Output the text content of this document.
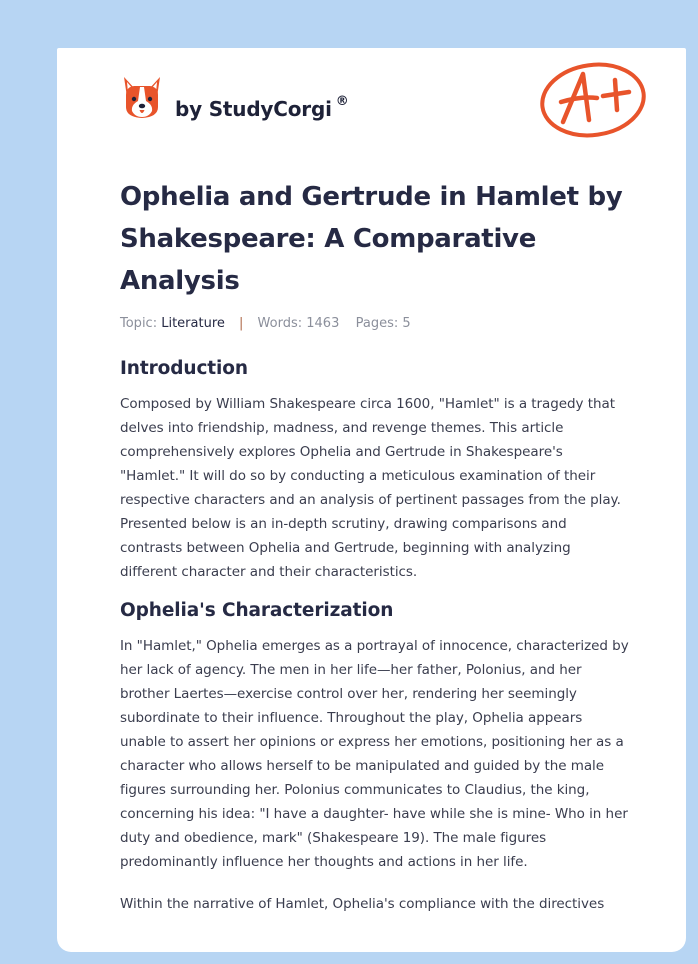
by StudyCorgi ®
Ophelia and Gertrude in Hamlet by Shakespeare: A Comparative Analysis
Topic: Literature | Words: 1463 Pages: 5
Introduction

Composed by William Shakespeare circa 1600, "Hamlet" is a tragedy that delves into friendship, madness, and revenge themes. This article comprehensively explores Ophelia and Gertrude in Shakespeare's "Hamlet." It will do so by conducting a meticulous examination of their respective characters and an analysis of pertinent passages from the play. Presented below is an in-depth scrutiny, drawing comparisons and contrasts between Ophelia and Gertrude, beginning with analyzing different character and their characteristics.

Ophelia's Characterization

In "Hamlet," Ophelia emerges as a portrayal of innocence, characterized by her lack of agency. The men in her life—her father, Polonius, and her brother Laertes—exercise control over her, rendering her seemingly subordinate to their influence. Throughout the play, Ophelia appears unable to assert her opinions or express her emotions, positioning her as a character who allows herself to be manipulated and guided by the male figures surrounding her. Polonius communicates to Claudius, the king, concerning his idea: "I have a daughter- have while she is mine- Who in her duty and obedience, mark" (Shakespeare 19). The male figures predominantly influence her thoughts and actions in her life.

Within the narrative of Hamlet, Ophelia's compliance with the directives
